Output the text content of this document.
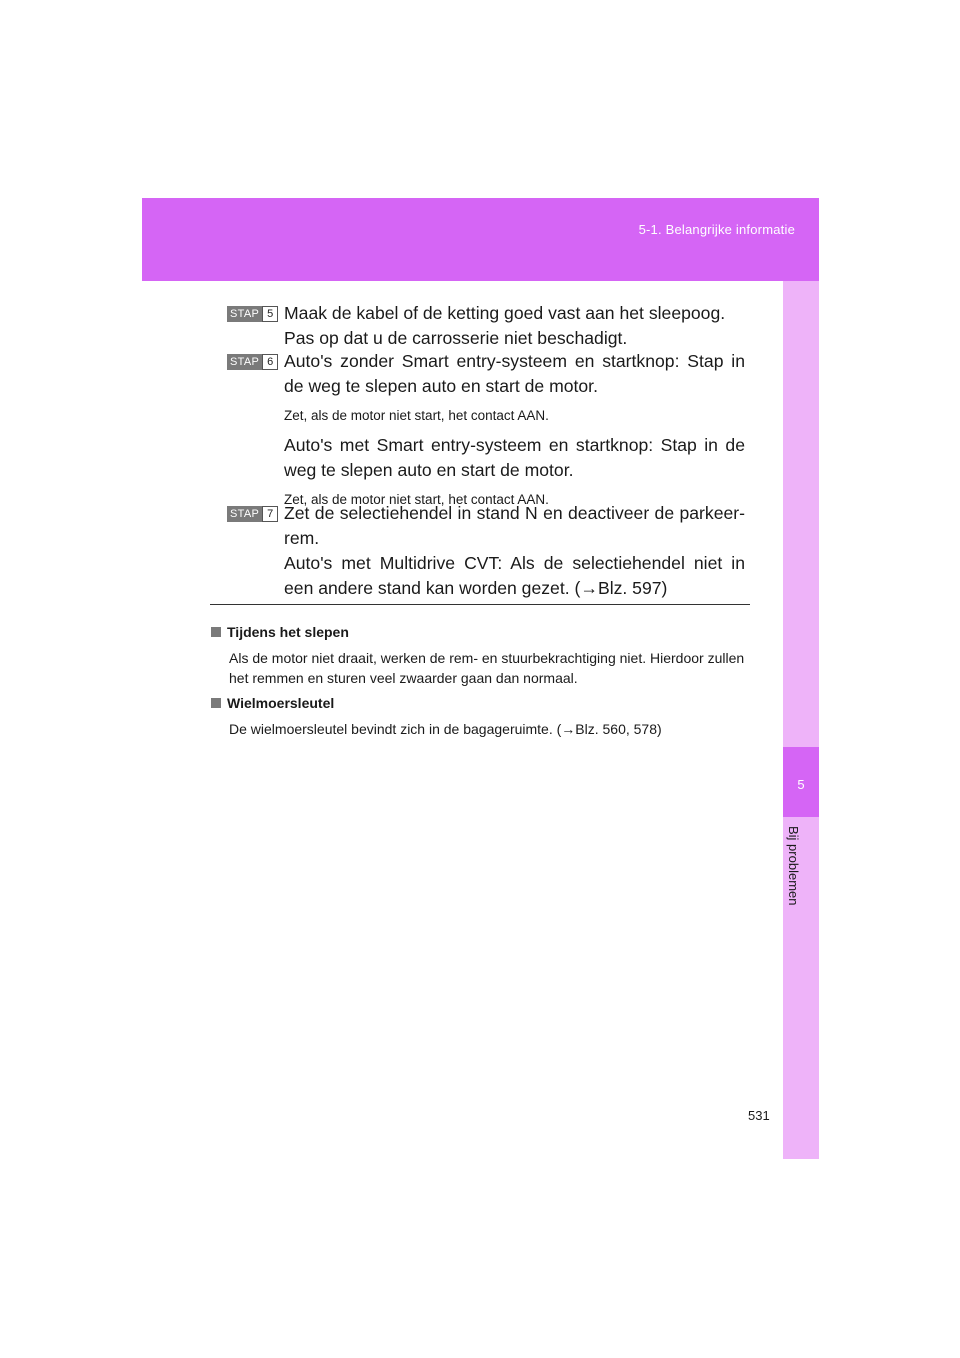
5-1. Belangrijke informatie
5
Bij problemen
STAP 5 Maak de kabel of de ketting goed vast aan het sleepoog.

Pas op dat u de carrosserie niet beschadigt.

STAP 6 Auto's zonder Smart entry-systeem en startknop: Stap in de weg te slepen auto en start de motor.

Zet, als de motor niet start, het contact AAN.

Auto's met Smart entry-systeem en startknop: Stap in de weg te slepen auto en start de motor.

Zet, als de motor niet start, het contact AAN.

STAP 7 Zet de selectiehendel in stand N en deactiveer de parkeer-rem.

Auto's met Multidrive CVT: Als de selectiehendel niet in een andere stand kan worden gezet. (→Blz. 597)

Tijdens het slepen
Als de motor niet draait, werken de rem- en stuurbekrachtiging niet. Hierdoor zullen het remmen en sturen veel zwaarder gaan dan normaal.
Wielmoersleutel
De wielmoersleutel bevindt zich in de bagageruimte. (→Blz. 560, 578)
531
